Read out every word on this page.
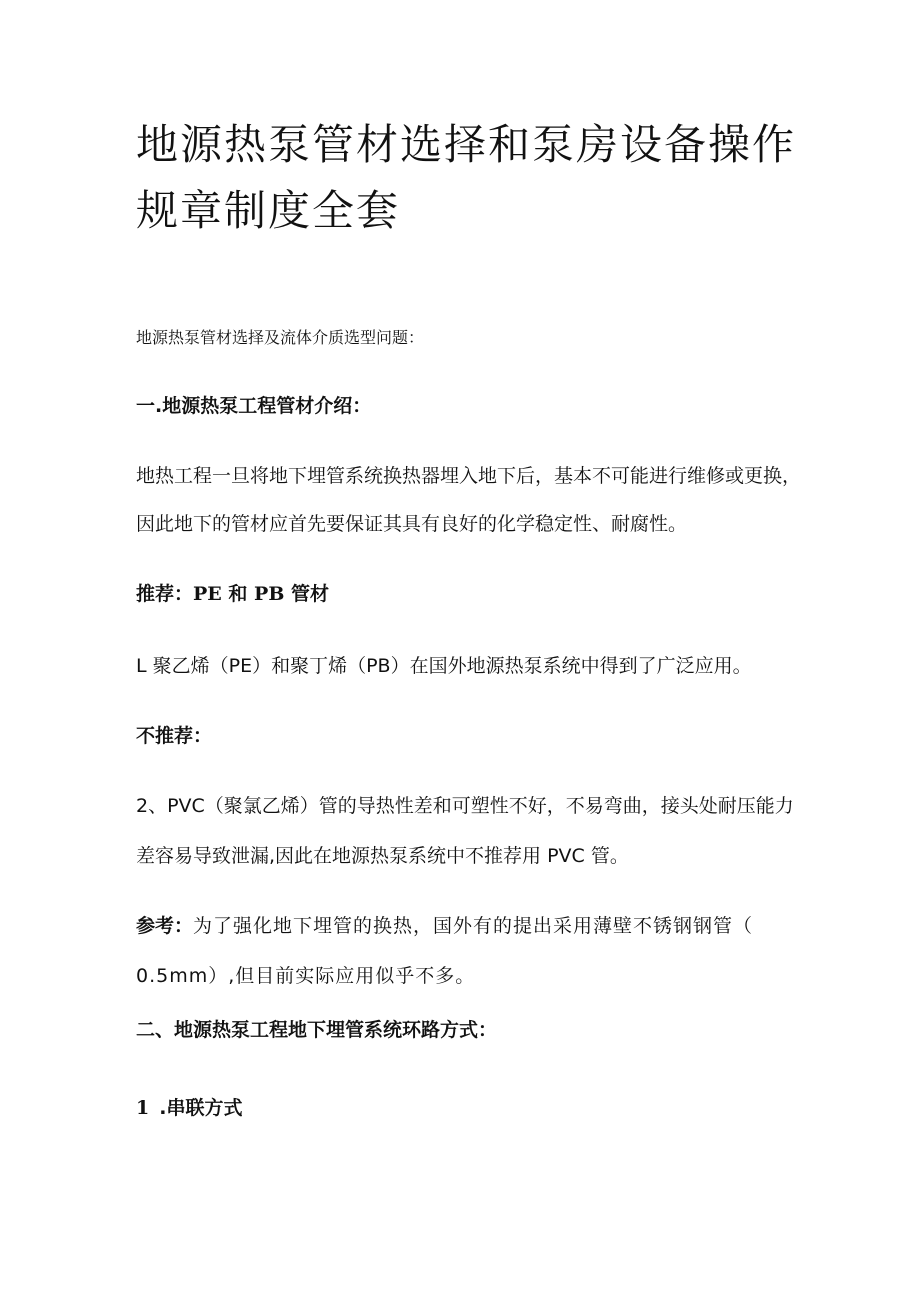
地源热泵管材选择和泵房设备操作规章制度全套

地源热泵管材选择及流体介质选型问题：

一.地源热泵工程管材介绍：

地热工程一旦将地下埋管系统换热器埋入地下后，基本不可能进行维修或更换，

因此地下的管材应首先要保证其具有良好的化学稳定性、耐腐性。

推荐：PE 和 PB 管材

L 聚乙烯（PE）和聚丁烯（PB）在国外地源热泵系统中得到了广泛应用。

不推荐：

2、PVC（聚氯乙烯）管的导热性差和可塑性不好，不易弯曲，接头处耐压能力

差容易导致泄漏,因此在地源热泵系统中不推荐用 PVC 管。

参考：为了强化地下埋管的换热，国外有的提出采用薄壁不锈钢钢管（

0.5mm）,但目前实际应用似乎不多。

二、地源热泵工程地下埋管系统环路方式：

1 .串联方式
